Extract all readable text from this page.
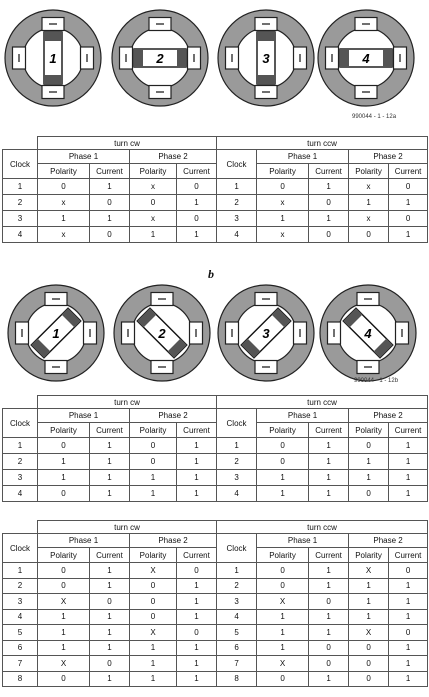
1	2	3	4
990044 - 1 - 12a
	turn cw				turn ccw				
Clock	Phase 1		Phase 2		Clock	Phase 1		Phase 2	
	Polarity	Current	Polarity	Current		Polarity	Current	Polarity	Current
1	0	1	x	0	1	0	1	x	0
2	x	0	0	1	2	x	0	1	1
3	1	1	x	0	3	1	1	x	0
4	x	0	1	1	4	x	0	0	1
b
1	2	3	4
990044 - 1 - 12b
	turn cw				turn ccw				
Clock	Phase 1		Phase 2		Clock	Phase 1		Phase 2	
	Polarity	Current	Polarity	Current		Polarity	Current	Polarity	Current
1	0	1	0	1	1	0	1	0	1
2	1	1	0	1	2	0	1	1	1
3	1	1	1	1	3	1	1	1	1
4	0	1	1	1	4	1	1	0	1
	turn cw				turn ccw				
Clock	Phase 1		Phase 2		Clock	Phase 1		Phase 2	
	Polarity	Current	Polarity	Current		Polarity	Current	Polarity	Current
1	0	1	X	0	1	0	1	X	0
2	0	1	0	1	2	0	1	1	1
3	X	0	0	1	3	X	0	1	1
4	1	1	0	1	4	1	1	1	1
5	1	1	X	0	5	1	1	X	0
6	1	1	1	1	6	1	0	0	1
7	X	0	1	1	7	X	0	0	1
8	0	1	1	1	8	0	1	0	1
